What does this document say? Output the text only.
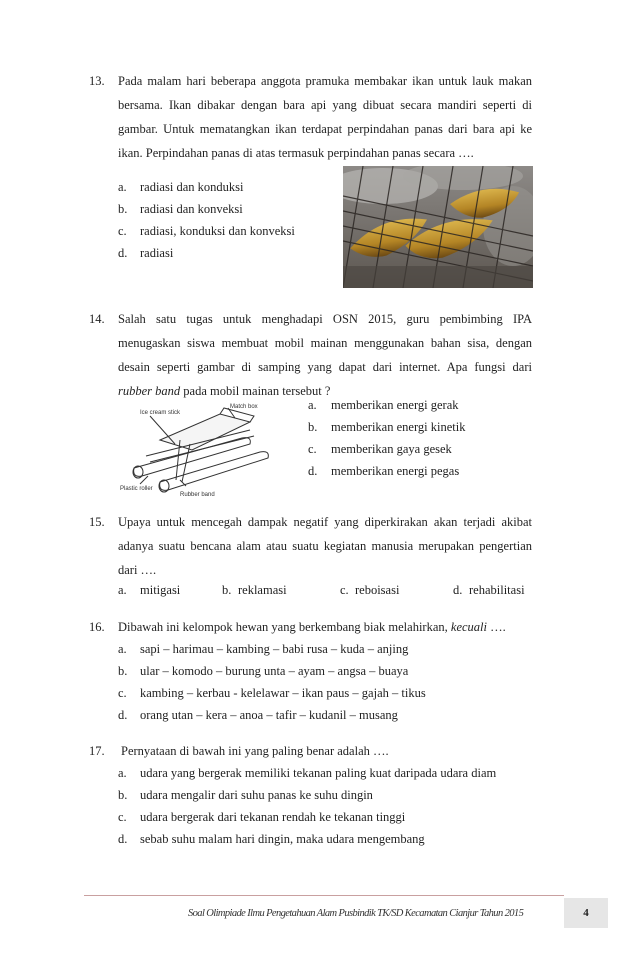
13. Pada malam hari beberapa anggota pramuka membakar ikan untuk lauk makan
bersama. Ikan dibakar dengan bara api yang dibuat secara mandiri seperti di
gambar. Untuk mematangkan ikan terdapat perpindahan panas dari bara api ke
ikan. Perpindahan panas di atas termasuk perpindahan panas secara ….
a. radiasi dan konduksi
b. radiasi dan konveksi
c. radiasi, konduksi dan konveksi
d. radiasi
14. Salah satu tugas untuk menghadapi OSN 2015, guru pembimbing IPA
menugaskan siswa membuat mobil mainan menggunakan bahan sisa, dengan
desain seperti gambar di samping yang dapat dari internet. Apa fungsi dari
rubber band pada mobil mainan tersebut ?
Ice cream stick
Match box
Plastic roller
Rubber band
a. memberikan energi gerak
b. memberikan energi kinetik
c. memberikan gaya gesek
d. memberikan energi pegas
15. Upaya untuk mencegah dampak negatif yang diperkirakan akan terjadi akibat
adanya suatu bencana alam atau suatu kegiatan manusia merupakan pengertian
dari ….
a. mitigasi	b. reklamasi	c. reboisasi	d. rehabilitasi
16. Dibawah ini kelompok hewan yang berkembang biak melahirkan, kecuali ….
a. sapi – harimau – kambing – babi rusa – kuda – anjing
b. ular – komodo – burung unta – ayam – angsa – buaya
c. kambing – kerbau - kelelawar – ikan paus – gajah – tikus
d. orang utan – kera – anoa – tafir – kudanil – musang
17. Pernyataan di bawah ini yang paling benar adalah ….
a. udara yang bergerak memiliki tekanan paling kuat daripada udara diam
b. udara mengalir dari suhu panas ke suhu dingin
c. udara bergerak dari tekanan rendah ke tekanan tinggi
d. sebab suhu malam hari dingin, maka udara mengembang
Soal Olimpiade Ilmu Pengetahuan Alam Pusbindik TK/SD Kecamatan Cianjur Tahun 2015	4
